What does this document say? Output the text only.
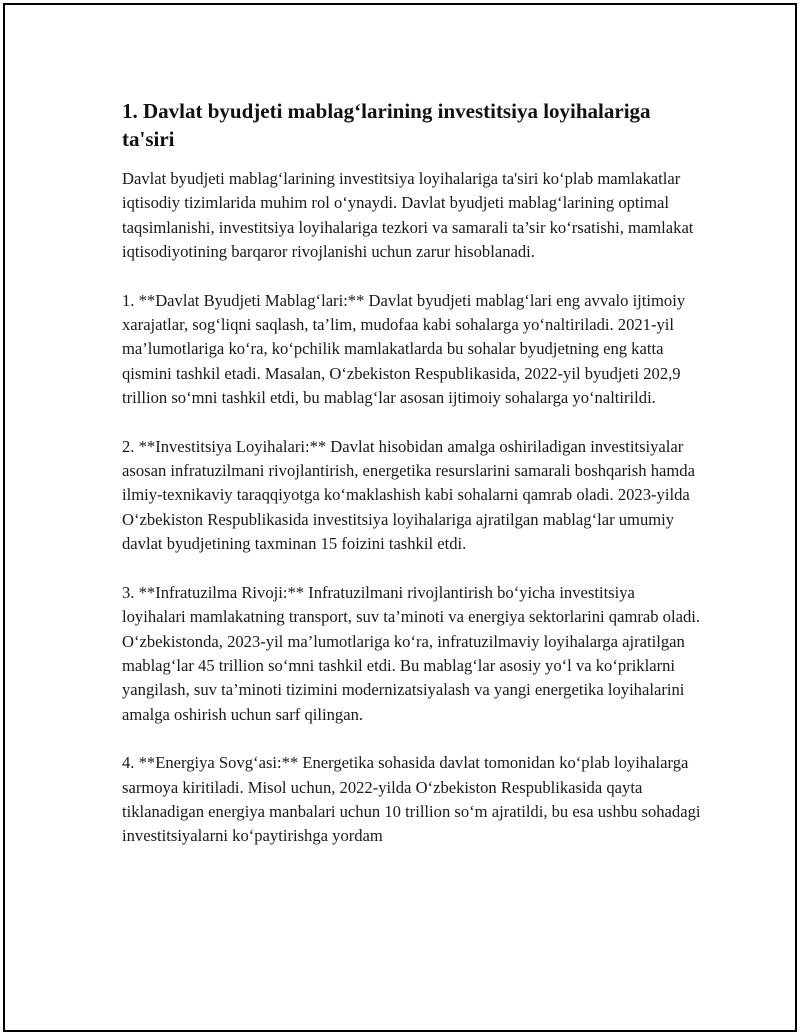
1. Davlat byudjeti mablag‘larining investitsiya loyihalariga ta'siri

Davlat byudjeti mablag‘larining investitsiya loyihalariga ta'siri ko‘plab mamlakatlar iqtisodiy tizimlarida muhim rol o‘ynaydi. Davlat byudjeti mablag‘larining optimal taqsimlanishi, investitsiya loyihalariga tezkori va samarali ta’sir ko‘rsatishi, mamlakat iqtisodiyotining barqaror rivojlanishi uchun zarur hisoblanadi.

1. **Davlat Byudjeti Mablag‘lari:** Davlat byudjeti mablag‘lari eng avvalo ijtimoiy xarajatlar, sog‘liqni saqlash, ta’lim, mudofaa kabi sohalarga yo‘naltiriladi. 2021-yil ma’lumotlariga ko‘ra, ko‘pchilik mamlakatlarda bu sohalar byudjetning eng katta qismini tashkil etadi. Masalan, O‘zbekiston Respublikasida, 2022-yil byudjeti 202,9 trillion so‘mni tashkil etdi, bu mablag‘lar asosan ijtimoiy sohalarga yo‘naltirildi.

2. **Investitsiya Loyihalari:** Davlat hisobidan amalga oshiriladigan investitsiyalar asosan infratuzilmani rivojlantirish, energetika resurslarini samarali boshqarish hamda ilmiy-texnikaviy taraqqiyotga ko‘maklashish kabi sohalarni qamrab oladi. 2023-yilda O‘zbekiston Respublikasida investitsiya loyihalariga ajratilgan mablag‘lar umumiy davlat byudjetining taxminan 15 foizini tashkil etdi.

3. **Infratuzilma Rivoji:** Infratuzilmani rivojlantirish bo‘yicha investitsiya loyihalari mamlakatning transport, suv ta’minoti va energiya sektorlarini qamrab oladi. O‘zbekistonda, 2023-yil ma’lumotlariga ko‘ra, infratuzilmaviy loyihalarga ajratilgan mablag‘lar 45 trillion so‘mni tashkil etdi. Bu mablag‘lar asosiy yo‘l va ko‘priklarni yangilash, suv ta’minoti tizimini modernizatsiyalash va yangi energetika loyihalarini amalga oshirish uchun sarf qilingan.

4. **Energiya Sovg‘asi:** Energetika sohasida davlat tomonidan ko‘plab loyihalarga sarmoya kiritiladi. Misol uchun, 2022-yilda O‘zbekiston Respublikasida qayta tiklanadigan energiya manbalari uchun 10 trillion so‘m ajratildi, bu esa ushbu sohadagi investitsiyalarni ko‘paytirishga yordam
